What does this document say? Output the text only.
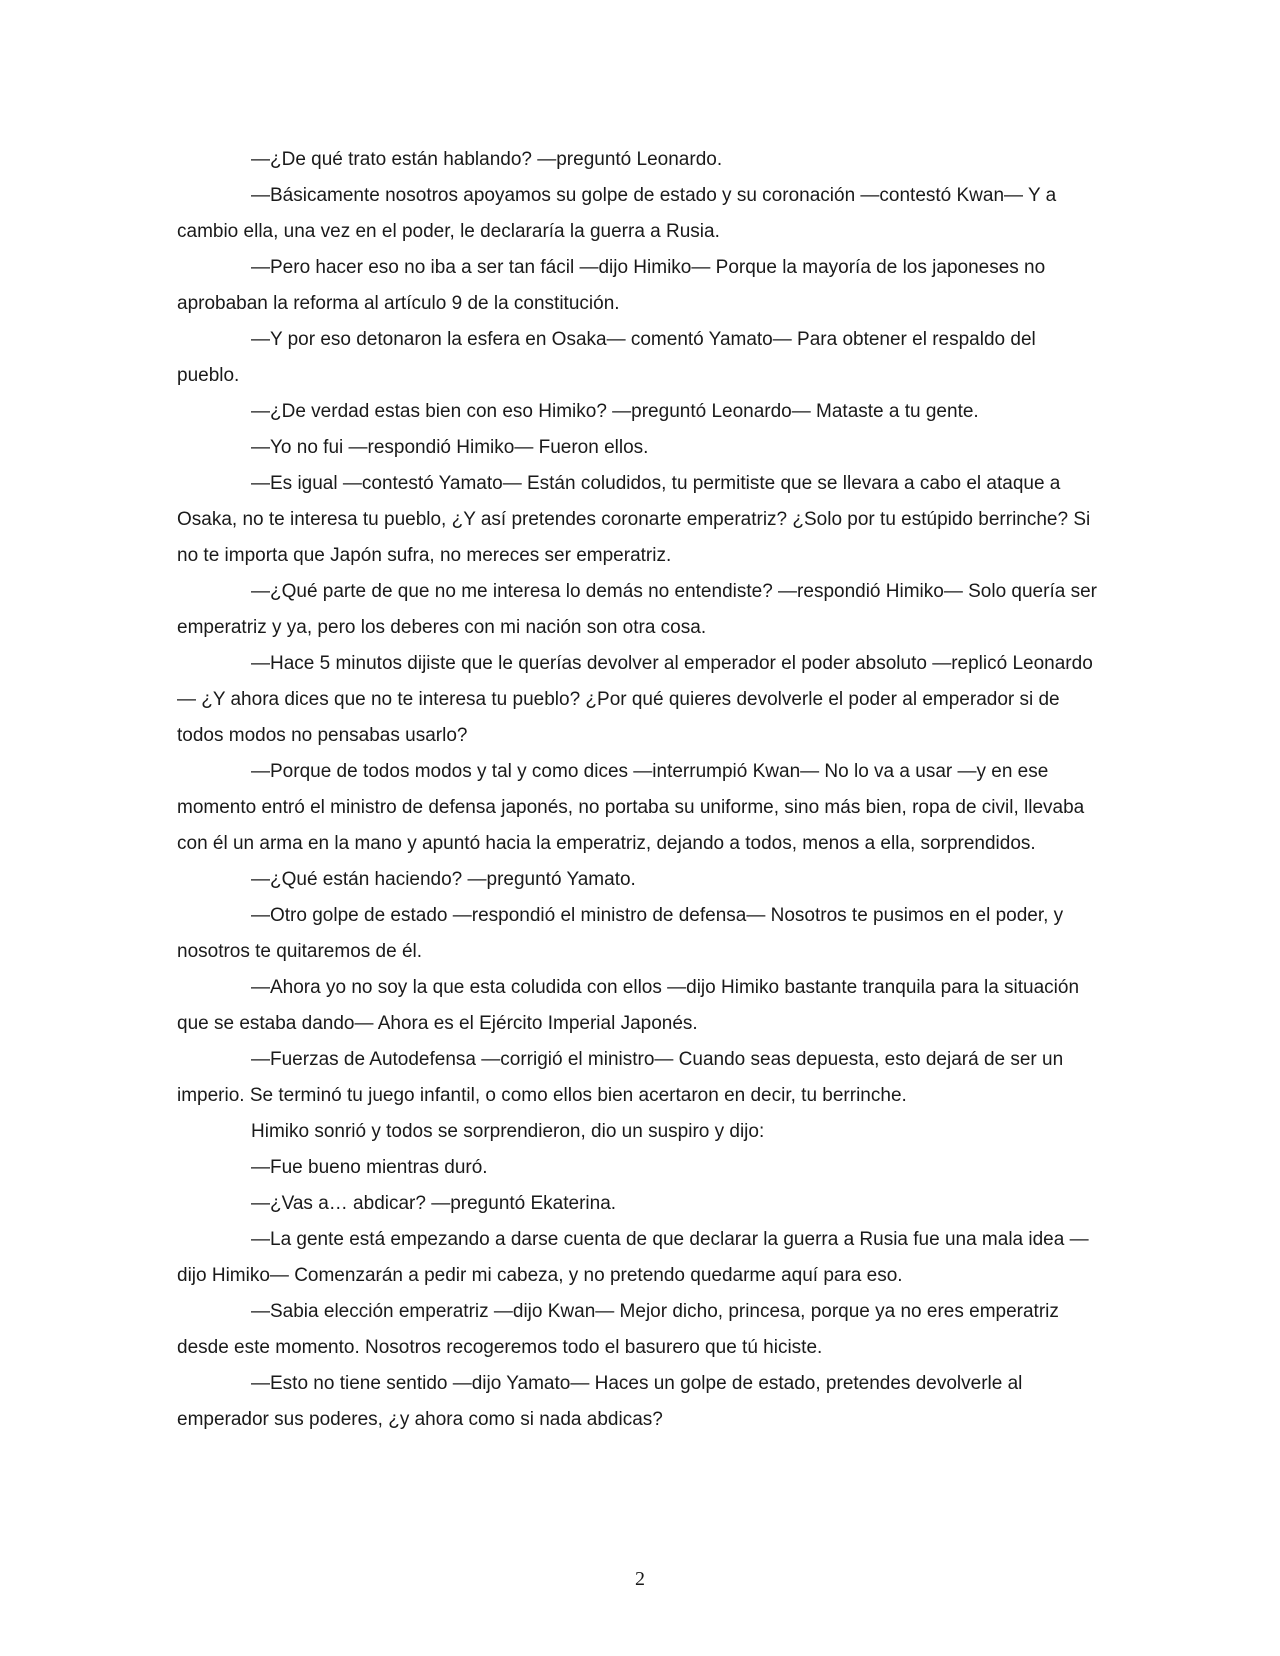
—¿De qué trato están hablando? —preguntó Leonardo.

—Básicamente nosotros apoyamos su golpe de estado y su coronación —contestó Kwan— Y a cambio ella, una vez en el poder, le declararía la guerra a Rusia.

—Pero hacer eso no iba a ser tan fácil —dijo Himiko— Porque la mayoría de los japoneses no aprobaban la reforma al artículo 9 de la constitución.

—Y por eso detonaron la esfera en Osaka— comentó Yamato— Para obtener el respaldo del pueblo.

—¿De verdad estas bien con eso Himiko? —preguntó Leonardo— Mataste a tu gente.

—Yo no fui —respondió Himiko— Fueron ellos.

—Es igual —contestó Yamato— Están coludidos, tu permitiste que se llevara a cabo el ataque a Osaka, no te interesa tu pueblo, ¿Y así pretendes coronarte emperatriz? ¿Solo por tu estúpido berrinche? Si no te importa que Japón sufra, no mereces ser emperatriz.

—¿Qué parte de que no me interesa lo demás no entendiste? —respondió Himiko— Solo quería ser emperatriz y ya, pero los deberes con mi nación son otra cosa.

—Hace 5 minutos dijiste que le querías devolver al emperador el poder absoluto —replicó Leonardo— ¿Y ahora dices que no te interesa tu pueblo? ¿Por qué quieres devolverle el poder al emperador si de todos modos no pensabas usarlo?

—Porque de todos modos y tal y como dices —interrumpió Kwan— No lo va a usar —y en ese momento entró el ministro de defensa japonés, no portaba su uniforme, sino más bien, ropa de civil, llevaba con él un arma en la mano y apuntó hacia la emperatriz, dejando a todos, menos a ella, sorprendidos.

—¿Qué están haciendo? —preguntó Yamato.

—Otro golpe de estado —respondió el ministro de defensa— Nosotros te pusimos en el poder, y nosotros te quitaremos de él.

—Ahora yo no soy la que esta coludida con ellos —dijo Himiko bastante tranquila para la situación que se estaba dando— Ahora es el Ejército Imperial Japonés.

—Fuerzas de Autodefensa —corrigió el ministro— Cuando seas depuesta, esto dejará de ser un imperio. Se terminó tu juego infantil, o como ellos bien acertaron en decir, tu berrinche.

Himiko sonrió y todos se sorprendieron, dio un suspiro y dijo:

—Fue bueno mientras duró.

—¿Vas a… abdicar? —preguntó Ekaterina.

—La gente está empezando a darse cuenta de que declarar la guerra a Rusia fue una mala idea —dijo Himiko— Comenzarán a pedir mi cabeza, y no pretendo quedarme aquí para eso.

—Sabia elección emperatriz —dijo Kwan— Mejor dicho, princesa, porque ya no eres emperatriz desde este momento. Nosotros recogeremos todo el basurero que tú hiciste.

—Esto no tiene sentido —dijo Yamato— Haces un golpe de estado, pretendes devolverle al emperador sus poderes, ¿y ahora como si nada abdicas?

2
